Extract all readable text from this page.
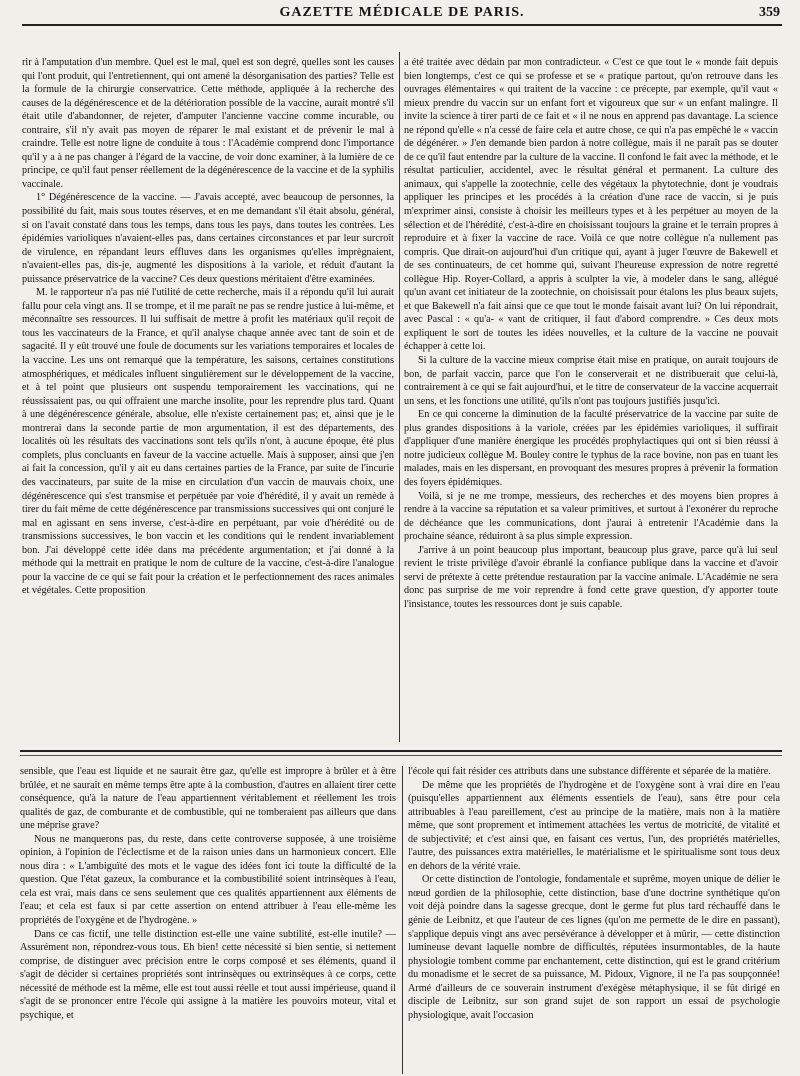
GAZETTE MÉDICALE DE PARIS.	359

rir à l'amputation d'un membre. Quel est le mal, quel est son degré, quelles sont les causes qui l'ont produit, qui l'entretiennent, qui ont amené la désorganisation des parties? Telle est la formule de la chirurgie conservatrice. Cette méthode, appliquée à la recherche des causes de la dégénérescence et de la détérioration possible de la vaccine, aurait montré s'il était utile d'abandonner, de rejeter, d'amputer l'ancienne vaccine comme incurable, ou contraire, s'il n'y avait pas moyen de réparer le mal existant et de prévenir le mal à craindre. Telle est notre ligne de conduite à tous : l'Académie comprend donc l'importance qu'il y a à ne pas changer à l'égard de la vaccine, de voir donc examiner, à la lumière de ce principe, ce qu'il faut penser réellement de la dégénérescence de la vaccine et de la syphilis vaccinale.

1° Dégénérescence de la vaccine. — J'avais accepté, avec beaucoup de personnes, la possibilité du fait, mais sous toutes réserves, et en me demandant s'il était absolu, général, si on l'avait constaté dans tous les temps, dans tous les pays, dans toutes les contrées. Les épidémies varioliques n'avaient-elles pas, dans certaines circonstances et par leur surcroît de virulence, en répandant leurs effluves dans les organismes qu'elles imprègnaient, n'avaient-elles pas, dis-je, augmenté les dispositions à la variole, et réduit d'autant la puissance préservatrice de la vaccine? Ces deux questions méritaient d'être examinées.

M. le rapporteur n'a pas nié l'utilité de cette recherche, mais il a répondu qu'il lui aurait fallu pour cela vingt ans. Il se trompe, et il me paraît ne pas se rendre justice à lui-même, et méconnaître ses ressources. Il lui suffisait de mettre à profit les matériaux qu'il reçoit de tous les vaccinateurs de la France, et qu'il analyse chaque année avec tant de soin et de sagacité. Il y eût trouvé une foule de documents sur les variations temporaires et locales de la vaccine. Les uns ont remarqué que la température, les saisons, certaines constitutions atmosphériques, et médicales influent singulièrement sur le développement de la vaccine, et à tel point que plusieurs ont suspendu temporairement les vaccinations, qui ne réussissaient pas, ou qui offraient une marche insolite, pour les reprendre plus tard. Quant à une dégénérescence générale, absolue, elle n'existe certainement pas; et, ainsi que je le montrerai dans la seconde partie de mon argumentation, il est des départements, des localités où les résultats des vaccinations sont tels qu'ils n'ont, à aucune époque, été plus complets, plus concluants en faveur de la vaccine actuelle. Mais à supposer, ainsi que j'en ai fait la concession, qu'il y ait eu dans certaines parties de la France, par suite de l'incurie des vaccinateurs, par suite de la mise en circulation d'un vaccin de mauvais choix, une dégénérescence qui s'est transmise et perpétuée par voie d'hérédité, il y avait un remède à tirer du fait même de cette dégénérescence par transmissions successives qui ont conjuré le mal en agissant en sens inverse, c'est-à-dire en perpétuant, par voie d'hérédité ou de transmissions successives, le bon vaccin et les conditions qui le rendent invariablement bon. J'ai développé cette idée dans ma précédente argumentation; et j'ai donné à la méthode qui la mettrait en pratique le nom de culture de la vaccine, c'est-à-dire l'analogue pour la vaccine de ce qui se fait pour la création et le perfectionnement des races animales et végétales. Cette proposition

a été traitée avec dédain par mon contradicteur. « C'est ce que tout le « monde fait depuis bien longtemps, c'est ce qui se professe et se « pratique partout, qu'on retrouve dans les ouvrages élémentaires « qui traitent de la vaccine : ce précepte, par exemple, qu'il vaut « mieux prendre du vaccin sur un enfant fort et vigoureux que sur « un enfant malingre. Il invite la science à tirer parti de ce fait et « il ne nous en apprend pas davantage. La science ne répond qu'elle « n'a cessé de faire cela et autre chose, ce qui n'a pas empêché le « vaccin de dégénérer. » J'en demande bien pardon à notre collègue, mais il ne paraît pas se douter de ce qu'il faut entendre par la culture de la vaccine. Il confond le fait avec la méthode, et le résultat particulier, accidentel, avec le résultat général et permanent. La culture des animaux, qui s'appelle la zootechnie, celle des végétaux la phytotechnie, dont je voudrais appliquer les principes et les procédés à la création d'une race de vaccin, si je puis m'exprimer ainsi, consiste à choisir les meilleurs types et à les perpétuer au moyen de la sélection et de l'hérédité, c'est-à-dire en choisissant toujours la graine et le terrain propres à reproduire et à fixer la vaccine de race. Voilà ce que notre collègue n'a nullement pas compris. Que dirait-on aujourd'hui d'un critique qui, ayant à juger l'œuvre de Bakewell et de ses continuateurs, de cet homme qui, suivant l'heureuse expression de notre regretté collègue Hip. Royer-Collard, a appris à sculpter la vie, à modeler dans le sang, allégué qu'un avant cet initiateur de la zootechnie, on choisissait pour étalons les plus beaux sujets, et que Bakewell n'a fait ainsi que ce que tout le monde faisait avant lui? On lui répondrait, avec Pascal : « qu'a- « vant de critiquer, il faut d'abord comprendre. » Ces deux mots expliquent le sort de toutes les idées nouvelles, et la culture de la vaccine ne pouvait échapper à cette loi.

Si la culture de la vaccine mieux comprise était mise en pratique, on aurait toujours de bon, de parfait vaccin, parce que l'on le conserverait et ne distribuerait que celui-là, contrairement à ce qui se fait aujourd'hui, et le titre de conservateur de la vaccine acquerrait un sens, et les fonctions une utilité, qu'ils n'ont pas toujours justifiés jusqu'ici.

En ce qui concerne la diminution de la faculté préservatrice de la vaccine par suite de plus grandes dispositions à la variole, créées par les épidémies varioliques, il suffirait d'appliquer d'une manière énergique les procédés prophylactiques qui ont si bien réussi à notre judicieux collègue M. Bouley contre le typhus de la race bovine, non pas en tuant les malades, mais en les dispersant, en provoquant des mesures propres à prévenir la formation des foyers épidémiques.

Voilà, si je ne me trompe, messieurs, des recherches et des moyens bien propres à rendre à la vaccine sa réputation et sa valeur primitives, et surtout à l'exonérer du reproche de déchéance que les communications, dont j'aurai à entretenir l'Académie dans la prochaine séance, réduiront à sa plus simple expression.

J'arrive à un point beaucoup plus important, beaucoup plus grave, parce qu'à lui seul revient le triste privilège d'avoir ébranlé la confiance publique dans la vaccine et d'avoir servi de prétexte à cette prétendue restauration par la vaccine animale. L'Académie ne sera donc pas surprise de me voir reprendre à fond cette grave question, d'y apporter toute l'insistance, toutes les ressources dont je suis capable.

sensible, que l'eau est liquide et ne saurait être gaz, qu'elle est impropre à brûler et à être brûlée, et ne saurait en même temps être apte à la combustion, d'autres en allaient tirer cette conséquence, qu'à la nature de l'eau appartiennent véritablement et réellement les trois qualités de gaz, de comburante et de combustible, qui ne tomberaient pas ailleurs que dans une méprise grave?

Nous ne manquerons pas, du reste, dans cette controverse supposée, à une troisième opinion, à l'opinion de l'éclectisme et de la raison unies dans un harmonieux concert. Elle nous dira : « L'ambiguïté des mots et le vague des idées font ici toute la difficulté de la question. Que l'état gazeux, la comburance et la combustibilité soient intrinsèques à l'eau, cela est vrai, mais dans ce sens seulement que ces qualités appartiennent aux éléments de l'eau; et cela est faux si par cette assertion on entend attribuer à l'eau elle-même les propriétés de l'oxygène et de l'hydrogène. »

Dans ce cas fictif, une telle distinction est-elle une vaine subtilité, est-elle inutile? — Assurément non, répondrez-vous tous. Eh bien! cette nécessité si bien sentie, si nettement comprise, de distinguer avec précision entre le corps composé et ses éléments, quand il s'agit de décider si certaines propriétés sont intrinsèques ou extrinsèques à ce corps, cette nécessité de méthode est la même, elle est tout aussi réelle et tout aussi impérieuse, quand il s'agit de se prononcer entre l'école qui assigne à la matière les pouvoirs moteur, vital et psychique, et

l'école qui fait résider ces attributs dans une substance différente et séparée de la matière.

De même que les propriétés de l'hydrogène et de l'oxygène sont à vrai dire en l'eau (puisqu'elles appartiennent aux éléments essentiels de l'eau), sans être pour cela attribuables à l'eau pareillement, c'est au principe de la matière, mais non à la matière même, que sont proprement et intimement attachées les vertus de motricité, de vitalité et de subjectivité; et c'est ainsi que, en faisant ces vertus, l'un, des propriétés matérielles, l'autre, des puissances extra matérielles, le matérialisme et le spiritualisme sont tous deux en dehors de la vérité vraie.

Or cette distinction de l'ontologie, fondamentale et suprême, moyen unique de délier le nœud gordien de la philosophie, cette distinction, base d'une doctrine synthétique qu'on voit déjà poindre dans la sagesse grecque, dont le germe fut plus tard réchauffé dans le génie de Leibnitz, et que l'auteur de ces lignes (qu'on me permette de le dire en passant), s'applique depuis vingt ans avec persévérance à développer et à mûrir, — cette distinction lumineuse devant laquelle nombre de difficultés, réputées insurmontables, de la haute physiologie tombent comme par enchantement, cette distinction, qui est le grand critérium du monadisme et le secret de sa puissance, M. Pidoux, Vignore, il ne l'a pas soupçonnée! Armé d'ailleurs de ce souverain instrument d'exégèse métaphysique, il se fût dirigé en disciple de Leibnitz, sur son grand sujet de son rapport un essai de psychologie physiologique, avait l'occasion
